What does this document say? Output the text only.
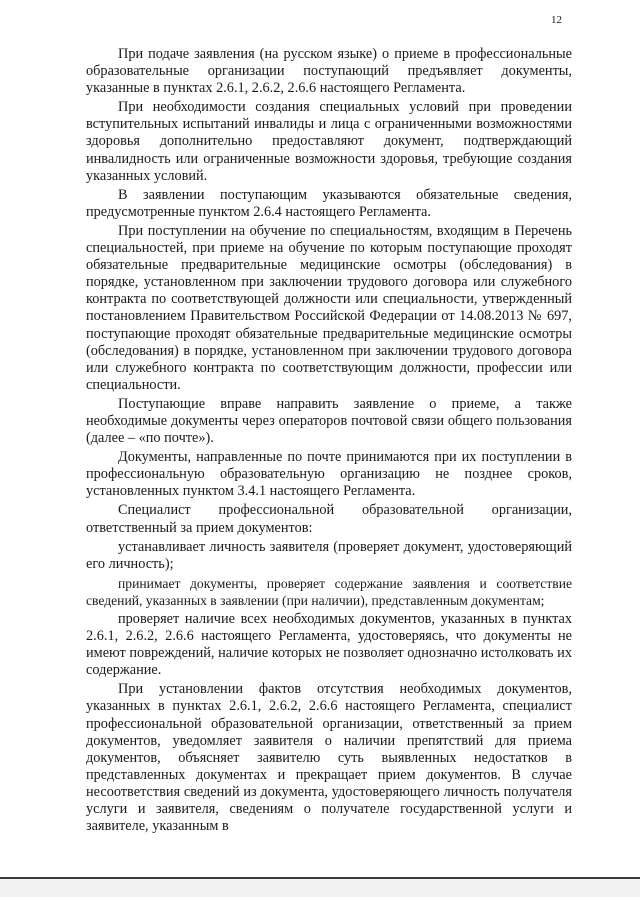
12

При подаче заявления (на русском языке) о приеме в профессиональные образовательные организации поступающий предъявляет документы, указанные в пунктах 2.6.1, 2.6.2, 2.6.6 настоящего Регламента.

При необходимости создания специальных условий при проведении вступительных испытаний инвалиды и лица с ограниченными возможностями здоровья дополнительно предоставляют документ, подтверждающий инвалидность или ограниченные возможности здоровья, требующие создания указанных условий.

В заявлении поступающим указываются обязательные сведения, предусмотренные пунктом 2.6.4 настоящего Регламента.

При поступлении на обучение по специальностям, входящим в Перечень специальностей, при приеме на обучение по которым поступающие проходят обязательные предварительные медицинские осмотры (обследования) в порядке, установленном при заключении трудового договора или служебного контракта по соответствующей должности или специальности, утвержденный постановлением Правительством Российской Федерации от 14.08.2013 № 697, поступающие проходят обязательные предварительные медицинские осмотры (обследования) в порядке, установленном при заключении трудового договора или служебного контракта по соответствующим должности, профессии или специальности.

Поступающие вправе направить заявление о приеме, а также необходимые документы через операторов почтовой связи общего пользования (далее – «по почте»).

Документы, направленные по почте принимаются при их поступлении в профессиональную образовательную организацию не позднее сроков, установленных пунктом 3.4.1 настоящего Регламента.

Специалист профессиональной образовательной организации, ответственный за прием документов:

устанавливает личность заявителя (проверяет документ, удостоверяющий его личность);

принимает документы, проверяет содержание заявления и соответствие сведений, указанных в заявлении (при наличии), представленным документам;

проверяет наличие всех необходимых документов, указанных в пунктах 2.6.1, 2.6.2, 2.6.6 настоящего Регламента, удостоверяясь, что документы не имеют повреждений, наличие которых не позволяет однозначно истолковать их содержание.

При установлении фактов отсутствия необходимых документов, указанных в пунктах 2.6.1, 2.6.2, 2.6.6 настоящего Регламента, специалист профессиональной образовательной организации, ответственный за прием документов, уведомляет заявителя о наличии препятствий для приема документов, объясняет заявителю суть выявленных недостатков в представленных документах и прекращает прием документов. В случае несоответствия сведений из документа, удостоверяющего личность получателя услуги и заявителя, сведениям о получателе государственной услуги и заявителе, указанным в
